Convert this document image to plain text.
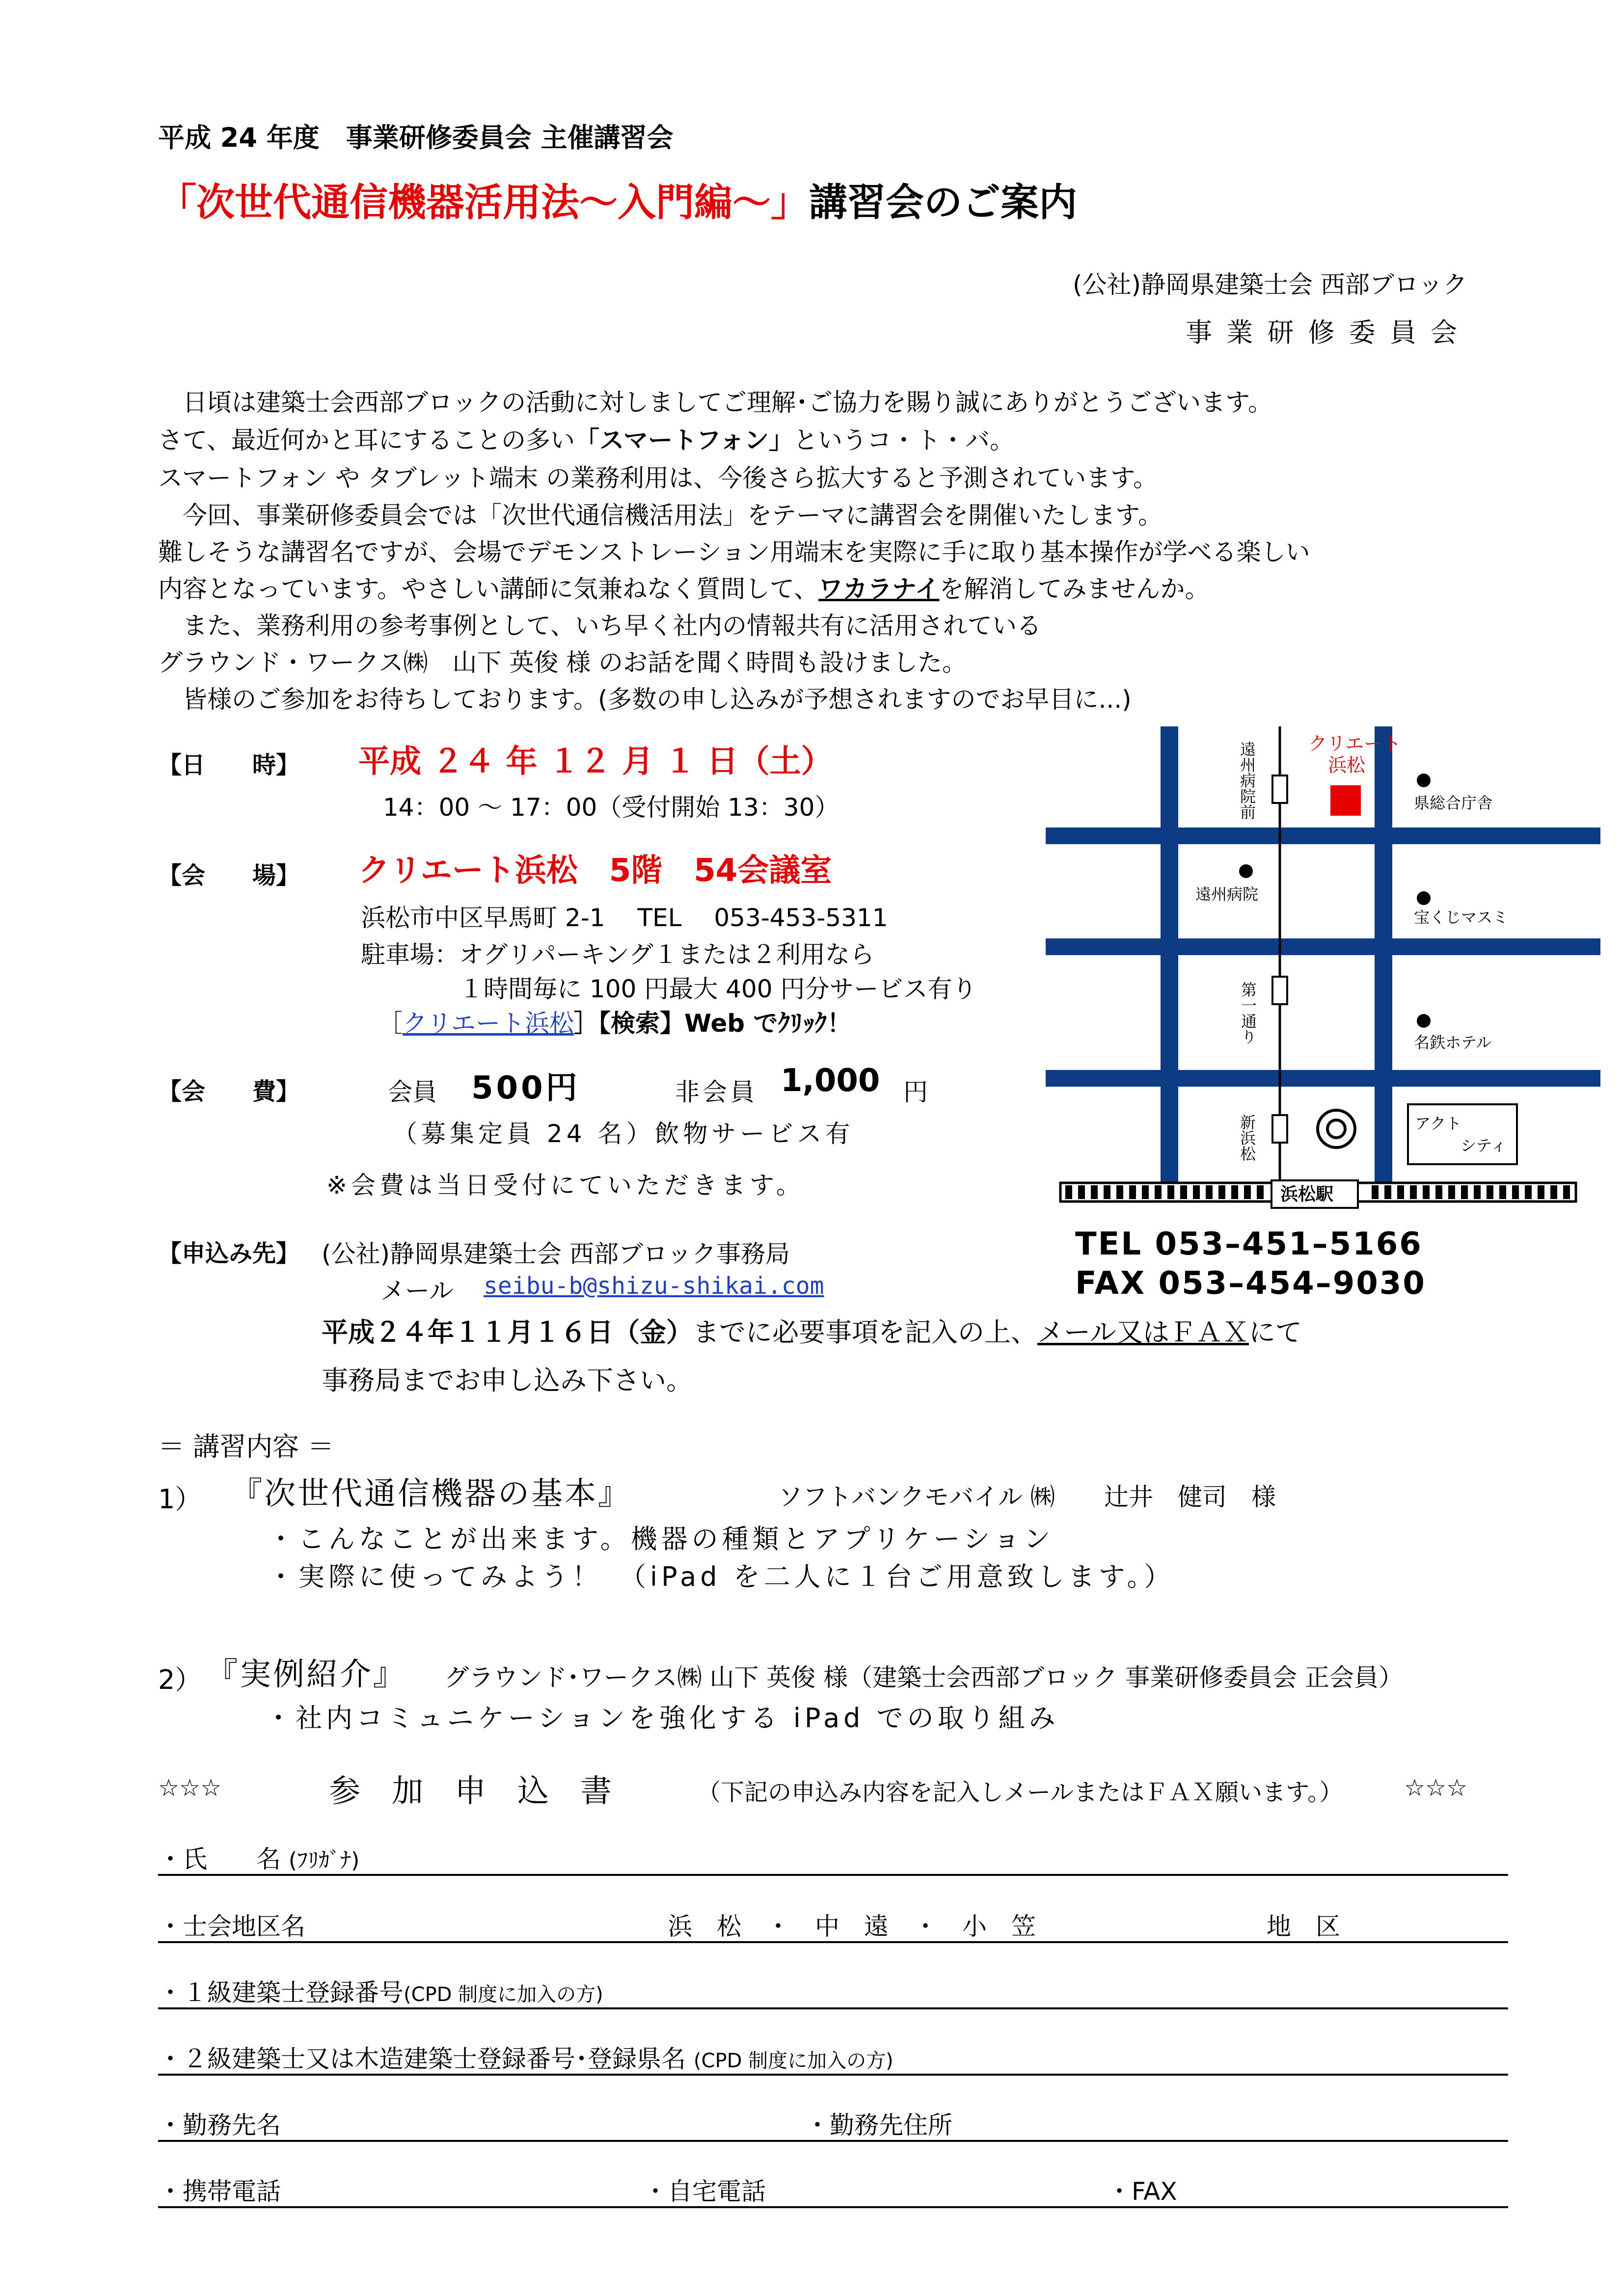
平成 24 年度　事業研修委員会 主催講習会
「次世代通信機器活用法～入門編～」講習会のご案内
(公社)静岡県建築士会 西部ブロック
事 業 研 修 委 員 会
　日頃は建築士会西部ブロックの活動に対しましてご理解･ご協力を賜り誠にありがとうございます。
さて、最近何かと耳にすることの多い「スマートフォン」というコ・ト・バ。
スマートフォン や タブレット端末 の業務利用は、今後さら拡大すると予測されています。
　今回、事業研修委員会では「次世代通信機活用法」をテーマに講習会を開催いたします。
難しそうな講習名ですが、会場でデモンストレーション用端末を実際に手に取り基本操作が学べる楽しい
内容となっています。やさしい講師に気兼ねなく質問して、ワカラナイを解消してみませんか。
　また、業務利用の参考事例として、いち早く社内の情報共有に活用されている
グラウンド・ワークス㈱　山下 英俊 様 のお話を聞く時間も設けました。
　皆様のご参加をお待ちしております。(多数の申し込みが予想されますのでお早目に...)
【日　　時】 平成 ２４ 年 １２ 月 １ 日（土）
14：00 ～ 17：00（受付開始 13：30）
【会　　場】 クリエート浜松　5階　54会議室
浜松市中区早馬町 2-1　 TEL　 053-453-5311
駐車場：オグリパーキング１または２利用なら
１時間毎に 100 円最大 400 円分サービス有り
［クリエート浜松］【検索】Web でｸﾘｯｸ！
【会　　費】	会員 500円	非会員 1,000 円
（募集定員 24 名）飲物サービス有
※会費は当日受付にていただきます。
【申込み先】 (公社)静岡県建築士会 西部ブロック事務局
メール seibu-b@shizu-shikai.com
TEL 053–451–5166
FAX 053–454–9030
平成２４年１１月１６日（金）までに必要事項を記入の上、メール又はＦＡＸにて
事務局までお申し込み下さい。
＝ 講習内容 ＝
1） 『次世代通信機器の基本』	ソフトバンクモバイル ㈱　　辻井　健司　様
・こんなことが出来ます。機器の種類とアプリケーション
・実際に使ってみよう！　（iPad を二人に１台ご用意致します。）
2） 『実例紹介』 グラウンド･ワークス㈱ 山下 英俊 様（建築士会西部ブロック 事業研修委員会 正会員）
・社内コミュニケーションを強化する iPad での取り組み
☆☆☆	参　加　申　込　書	（下記の申込み内容を記入しメールまたはＦＡＸ願います。）	☆☆☆
・氏　　名 (ﾌﾘｶﾞﾅ)
・士会地区名	浜　松　・　中　遠　・　小　笠	地　区
・１級建築士登録番号(CPD 制度に加入の方)
・２級建築士又は木造建築士登録番号･登録県名 (CPD 制度に加入の方)
・勤務先名	・勤務先住所
・携帯電話	・自宅電話	・FAX
クリエート
浜松
県総合庁舎
遠州病院前
遠州病院
宝くじマスミ
第一通り	名鉄ホテル
新浜松	アクト
シティ
浜松駅
